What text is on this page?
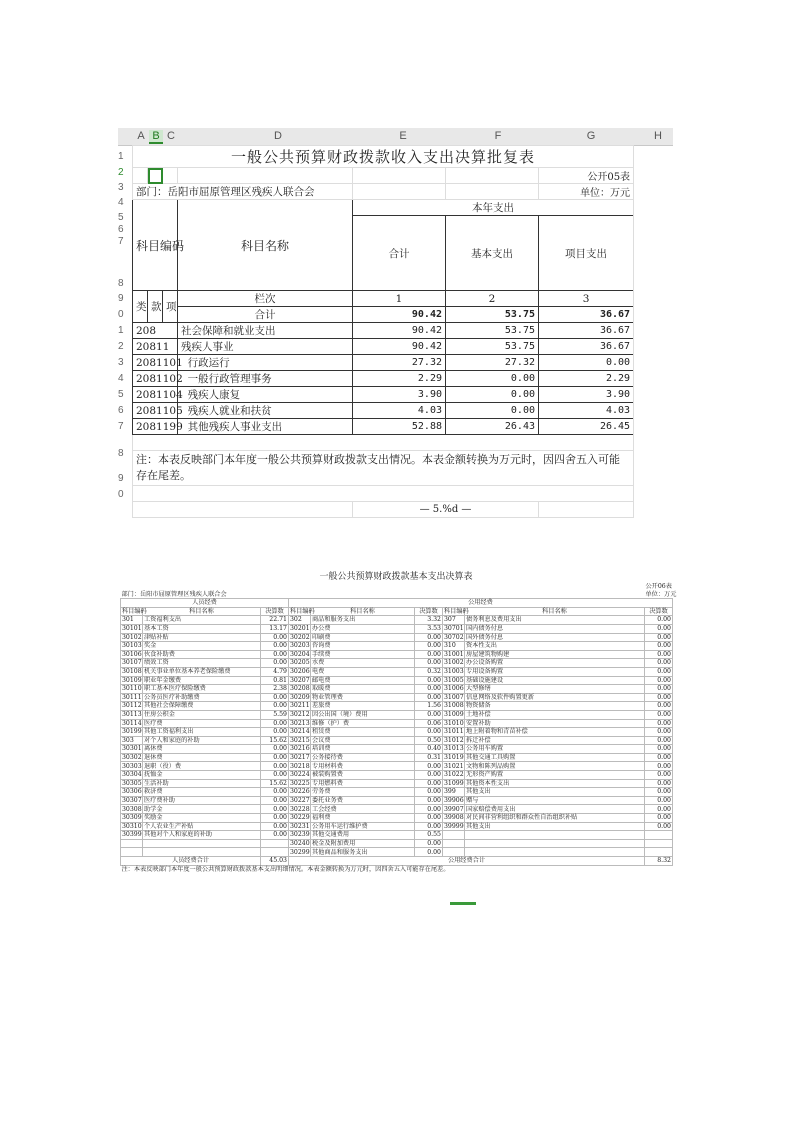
A B C	D	E	F	G	H
1
2
3
4
5
6
7
8
9
0
1
2
3
4
5
6
7
8
9
0
一般公共预算财政拨款收入支出决算批复表						
						公开05表
部门：岳阳市屈原管理区残疾人联合会						单位：万元
科目编码			科目名称	本年支出		
				合计	基本支出	项目支出

类	款	项	栏次	1	2	3
			合计	90.42	53.75	36.67
208			社会保障和就业支出	90.42	53.75	36.67
20811			残疾人事业	90.42	53.75	36.67
2081101			行政运行	27.32	27.32	0.00
2081102			一般行政管理事务	2.29	0.00	2.29
2081104			残疾人康复	3.90	0.00	3.90
2081105			残疾人就业和扶贫	4.03	0.00	4.03
2081199			其他残疾人事业支出	52.88	26.43	26.45

注：本表反映部门本年度一般公共预算财政拨款支出情况。本表金额转换为万元时，因四舍五入可能存在尾差。						

				— 5.%d —		
一般公共预算财政拨款基本支出决算表
								公开06表
部门：岳阳市屈原管理区残疾人联合会								单位：万元
人员经费			公用经费					
科目编码	科目名称	决算数	科目编码	科目名称	决算数	科目编码	科目名称	决算数
301	工资福利支出	22.71	302	商品和服务支出	3.32	307	债务利息及费用支出	0.00
30101	基本工资	13.17	30201	办公费	3.53	30701	国内债务付息	0.00
30102	津贴补贴	0.00	30202	印刷费	0.00	30702	国外债务付息	0.00
30103	奖金	0.00	30203	咨询费	0.00	310	资本性支出	0.00
30106	伙食补助费	0.00	30204	手续费	0.00	31001	房屋建筑物购建	0.00
30107	绩效工资	0.00	30205	水费	0.00	31002	办公设备购置	0.00
30108	机关事业单位基本养老保险缴费	4.79	30206	电费	0.32	31003	专用设备购置	0.00
30109	职业年金缴费	0.81	30207	邮电费	0.00	31005	基础设施建设	0.00
30110	职工基本医疗保险缴费	2.38	30208	取暖费	0.00	31006	大型修缮	0.00
30111	公务员医疗补助缴费	0.00	30209	物业管理费	0.00	31007	信息网络及软件购置更新	0.00
30112	其他社会保障缴费	0.00	30211	差旅费	1.56	31008	物资储备	0.00
30113	住房公积金	5.59	30212	因公出国（境）费用	0.00	31009	土地补偿	0.00
30114	医疗费	0.00	30213	维修（护）费	0.06	31010	安置补助	0.00
30199	其他工资福利支出	0.00	30214	租赁费	0.00	31011	地上附着物和青苗补偿	0.00
303	对个人和家庭的补助	15.62	30215	会议费	0.50	31012	拆迁补偿	0.00
30301	离休费	0.00	30216	培训费	0.40	31013	公务用车购置	0.00
30302	退休费	0.00	30217	公务接待费	0.31	31019	其他交通工具购置	0.00
30303	退职（役）费	0.00	30218	专用材料费	0.00	31021	文物和陈列品购置	0.00
30304	抚恤金	0.00	30224	被装购置费	0.00	31022	无形资产购置	0.00
30305	生活补助	15.62	30225	专用燃料费	0.00	31099	其他资本性支出	0.00
30306	救济费	0.00	30226	劳务费	0.00	399	其他支出	0.00
30307	医疗费补助	0.00	30227	委托业务费	0.00	39906	赠与	0.00
30308	助学金	0.00	30228	工会经费	0.00	39907	国家赔偿费用支出	0.00
30309	奖励金	0.00	30229	福利费	0.00	39908	对民间非营利组织和群众性自治组织补贴	0.00
30310	个人农业生产补贴	0.00	30231	公务用车运行维护费	0.00	39999	其他支出	0.00
30399	其他对个人和家庭的补助	0.00	30239	其他交通费用	0.55			
			30240	税金及附加费用	0.00			
			30299	其他商品和服务支出	0.00			
人员经费合计		45.03	公用经费合计					8.32
注：本表反映部门本年度一般公共预算财政拨款基本支出明细情况。本表金额转换为万元时，因四舍五入可能存在尾差。								
